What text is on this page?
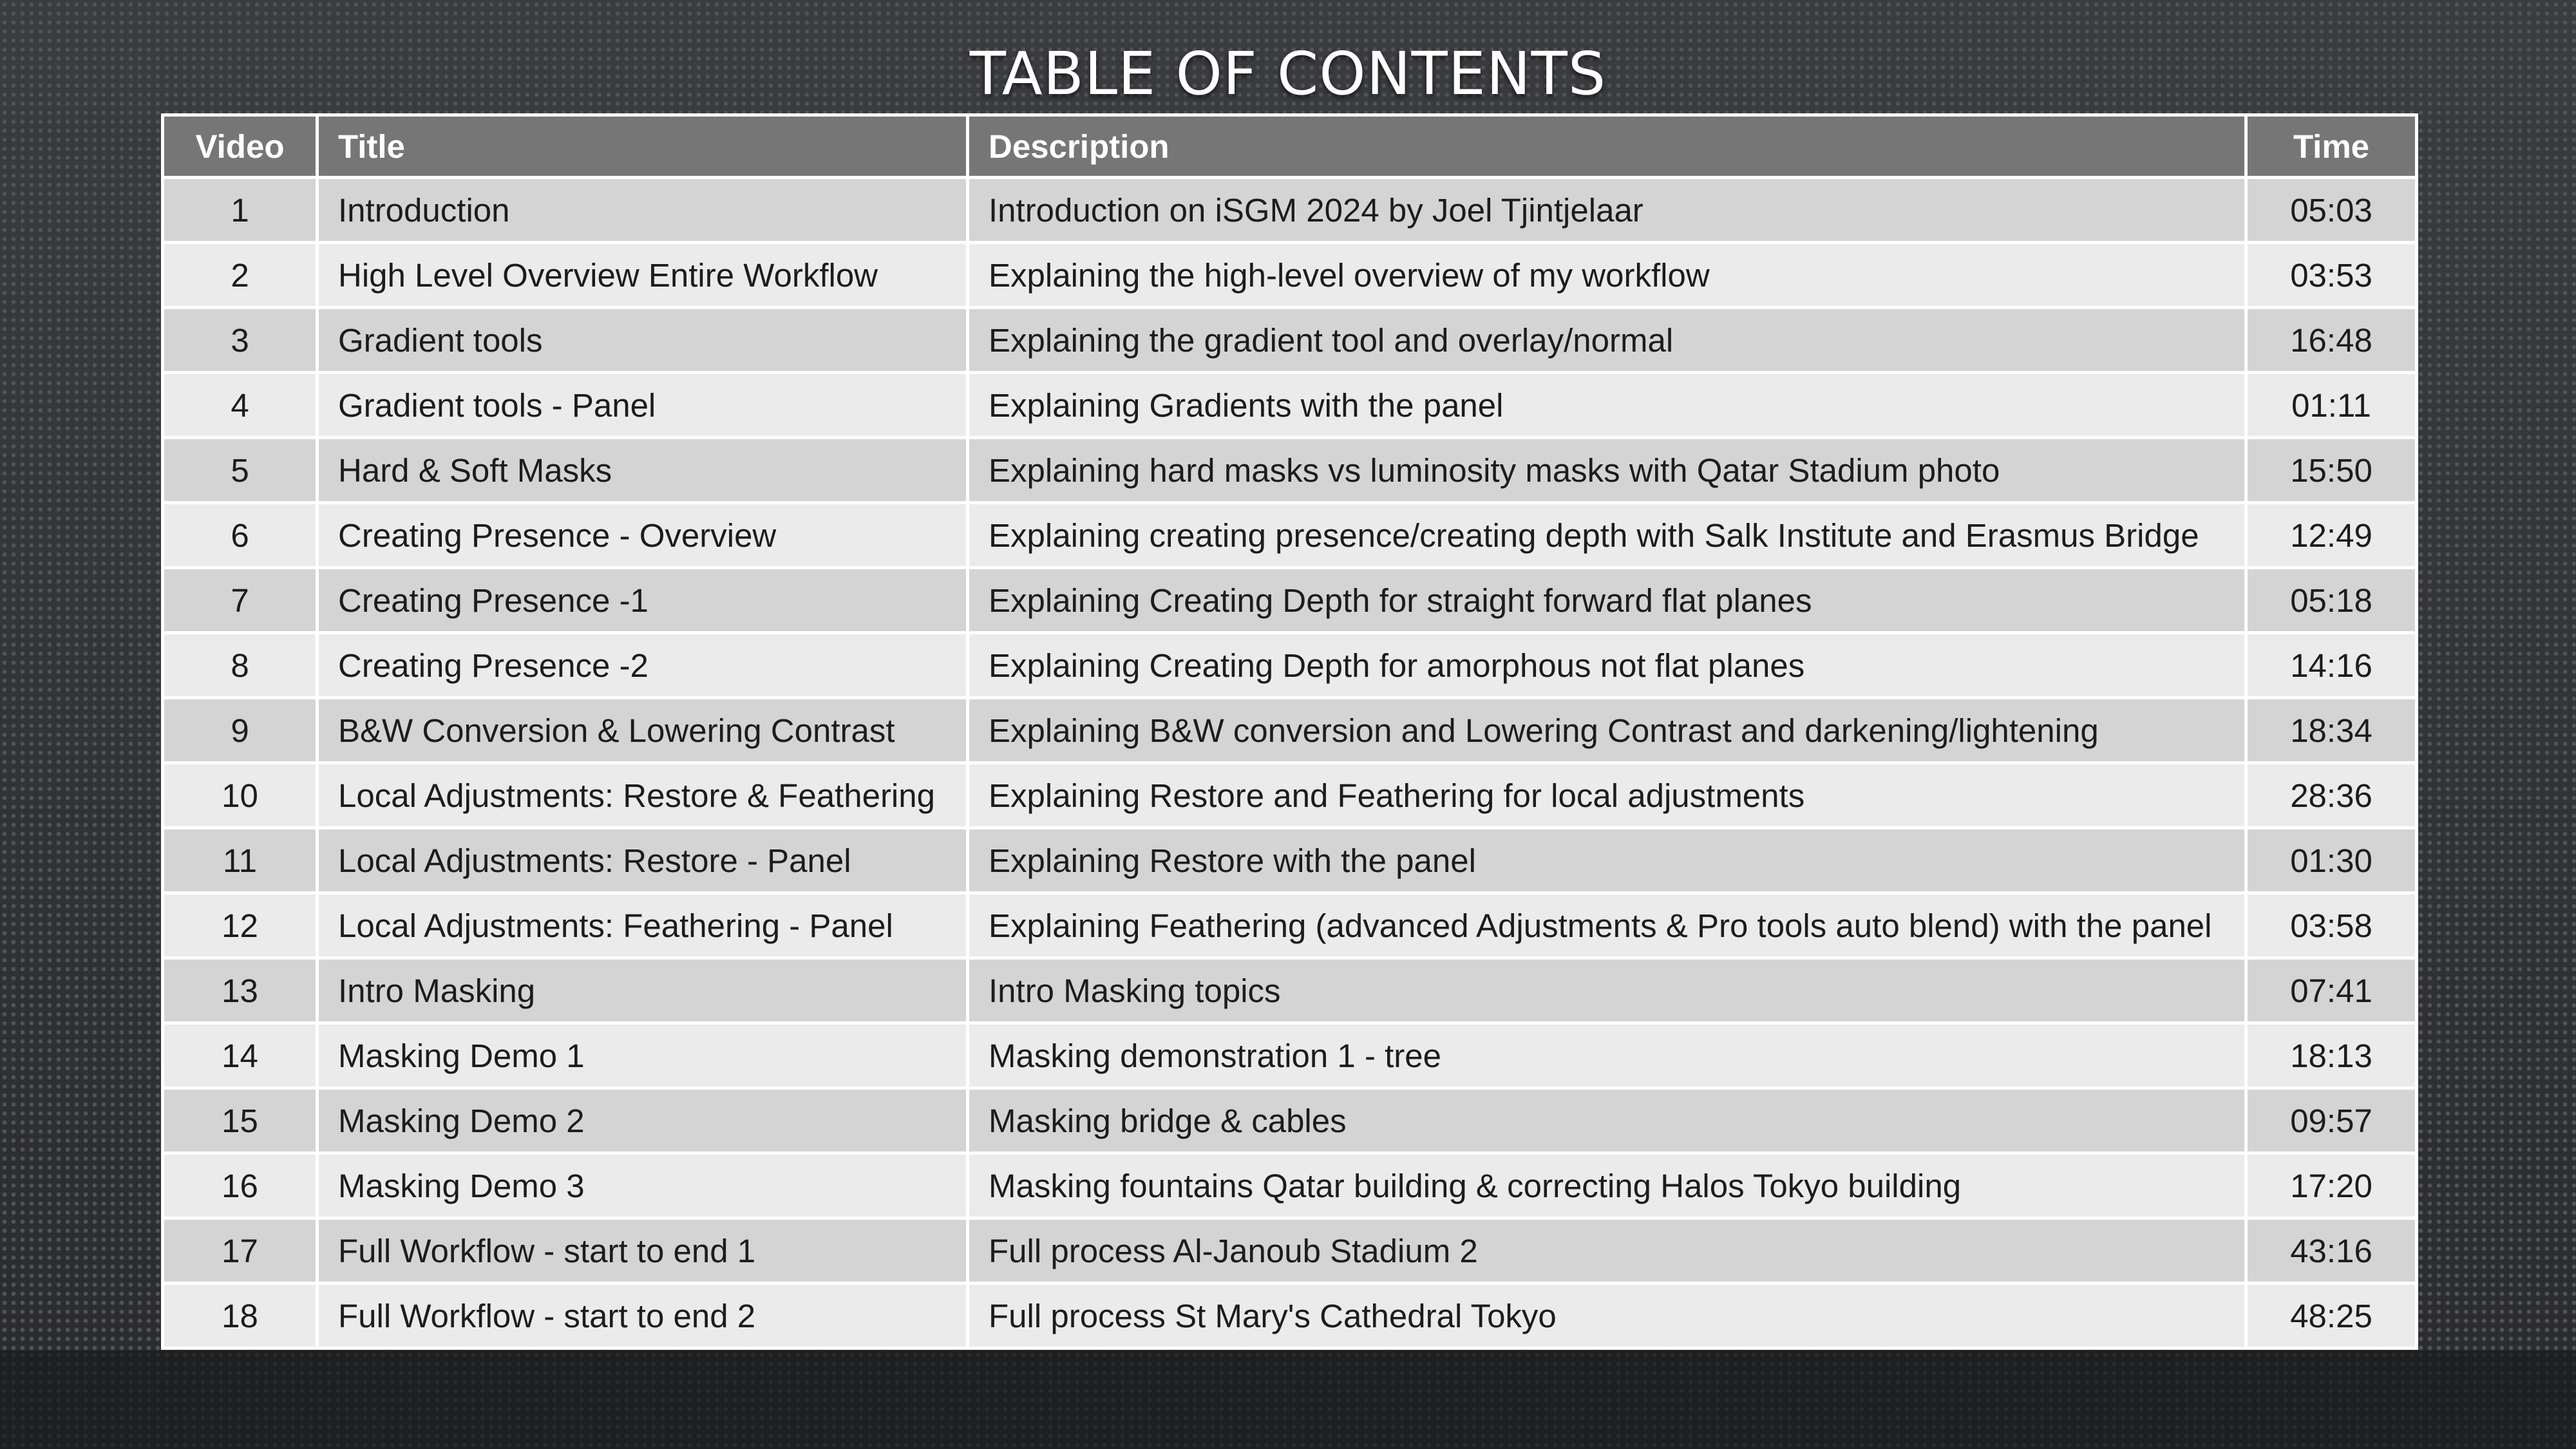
TABLE OF CONTENTS
Video	Title	Description	Time
1	Introduction	Introduction on iSGM 2024 by Joel Tjintjelaar	05:03
2	High Level Overview Entire Workflow	Explaining the high-level overview of my workflow	03:53
3	Gradient tools	Explaining the gradient tool and overlay/normal	16:48
4	Gradient tools - Panel	Explaining Gradients with the panel	01:11
5	Hard & Soft Masks	Explaining hard masks vs luminosity masks with Qatar Stadium photo	15:50
6	Creating Presence - Overview	Explaining creating presence/creating depth with Salk Institute and Erasmus Bridge	12:49
7	Creating Presence -1	Explaining Creating Depth for straight forward flat planes	05:18
8	Creating Presence -2	Explaining Creating Depth for amorphous not flat planes	14:16
9	B&W Conversion & Lowering Contrast	Explaining B&W conversion and Lowering Contrast and darkening/lightening	18:34
10	Local Adjustments: Restore & Feathering	Explaining Restore and Feathering for local adjustments	28:36
11	Local Adjustments: Restore - Panel	Explaining Restore with the panel	01:30
12	Local Adjustments: Feathering - Panel	Explaining Feathering (advanced Adjustments & Pro tools auto blend) with the panel	03:58
13	Intro Masking	Intro Masking topics	07:41
14	Masking Demo 1	Masking demonstration 1 - tree	18:13
15	Masking Demo 2	Masking bridge & cables	09:57
16	Masking Demo 3	Masking fountains Qatar building & correcting Halos Tokyo building	17:20
17	Full Workflow - start to end 1	Full process Al-Janoub Stadium 2	43:16
18	Full Workflow - start to end 2	Full process St Mary's Cathedral Tokyo	48:25
